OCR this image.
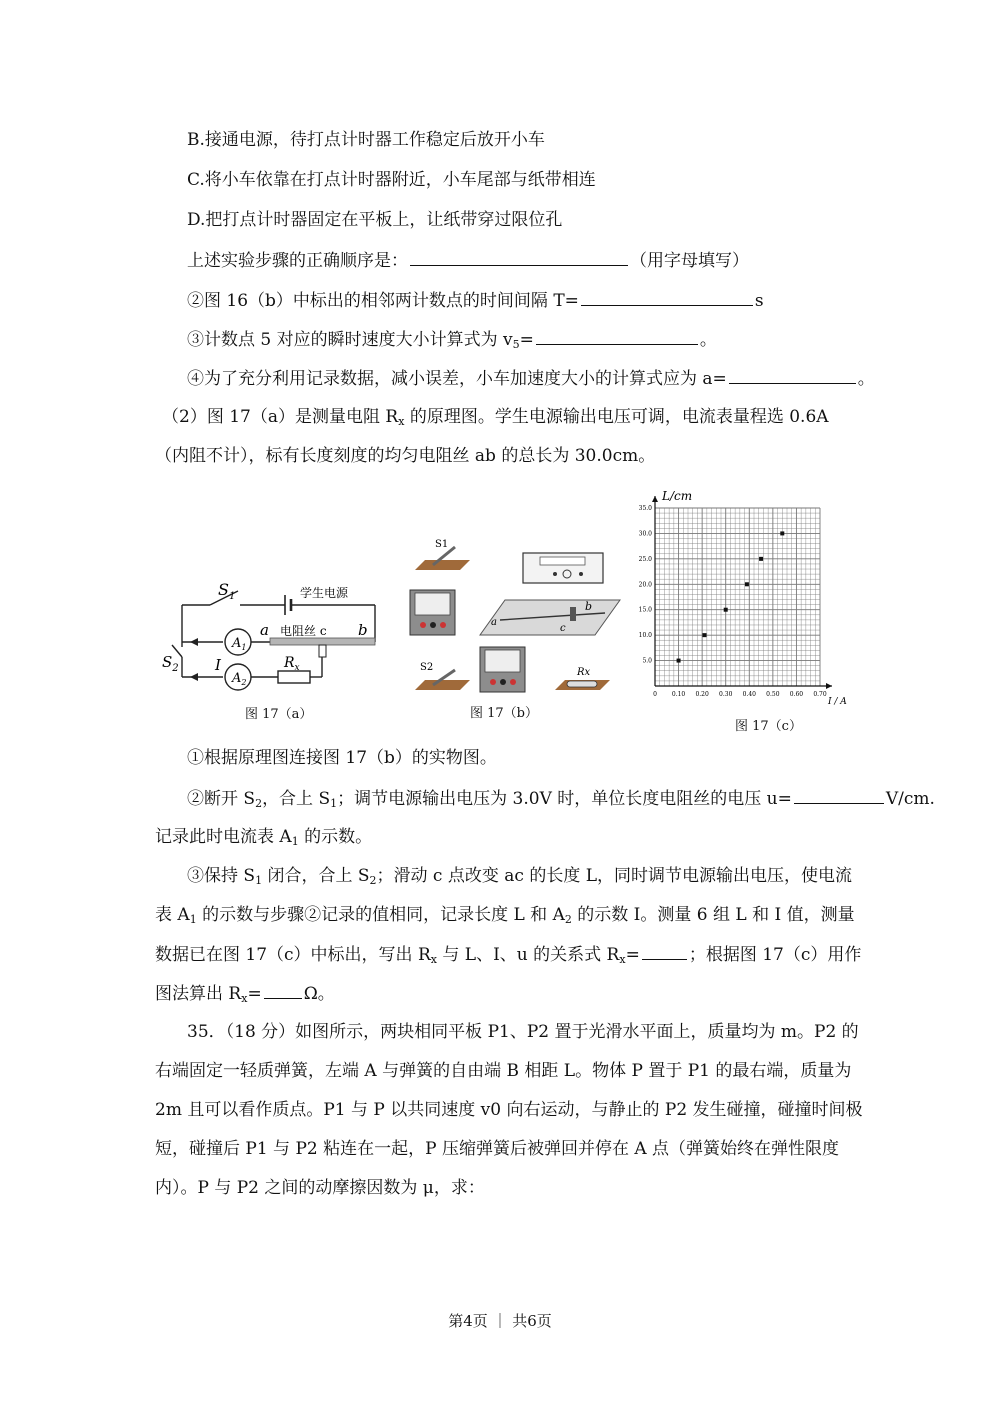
B.接通电源，待打点计时器工作稳定后放开小车
C.将小车依靠在打点计时器附近，小车尾部与纸带相连
D.把打点计时器固定在平板上，让纸带穿过限位孔
上述实验步骤的正确顺序是：	（用字母填写）
②图 16（b）中标出的相邻两计数点的时间间隔 T=	s
③计数点 5 对应的瞬时速度大小计算式为 $v_5=$	。
④为了充分利用记录数据，减小误差，小车加速度大小的计算式应为 a=	。
（2）图 17（a）是测量电阻 $R_x$ 的原理图。学生电源输出电压可调，电流表量程选 0.6A
（内阻不计），标有长度刻度的均匀电阻丝 ab 的总长为 30.0cm。
$S_1$	学生电源
$A_1$
$A_2$
a	b
电阻丝 c
I	$R_x$
$S_2$
图 17（a）
S1
a
b
c
S2	Rx
图 17（b）
0 0.10 0.20 0.30 0.40 0.50 0.60 0.70
5.0
10.0
15.0
20.0
25.0
30.0
35.0
L/cm
I / A
图 17（c）
①根据原理图连接图 17（b）的实物图。
②断开 $S_2$，合上 $S_1$；调节电源输出电压为 3.0V 时，单位长度电阻丝的电压 u=	V/cm.
记录此时电流表 $A_1$ 的示数。
③保持 $S_1$ 闭合，合上 $S_2$；滑动 c 点改变 ac 的长度 L，同时调节电源输出电压，使电流
表 $A_1$ 的示数与步骤②记录的值相同，记录长度 L 和 $A_2$ 的示数 I。测量 6 组 L 和 I 值，测量
数据已在图 17（c）中标出，写出 $R_x$ 与 L、I、u 的关系式 $R_x=$	；根据图 17（c）用作
图法算出 $R_x= \Omega$。
35．（18 分）如图所示，两块相同平板 P1、P2 置于光滑水平面上，质量均为 m。P2 的
右端固定一轻质弹簧，左端 A 与弹簧的自由端 B 相距 L。物体 P 置于 P1 的最右端，质量为
2m 且可以看作质点。P1 与 P 以共同速度 v0 向右运动，与静止的 P2 发生碰撞，碰撞时间极
短，碰撞后 P1 与 P2 粘连在一起，P 压缩弹簧后被弹回并停在 A 点（弹簧始终在弹性限度
内）。P 与 P2 之间的动摩擦因数为 μ，求：
第4页 ｜ 共6页
